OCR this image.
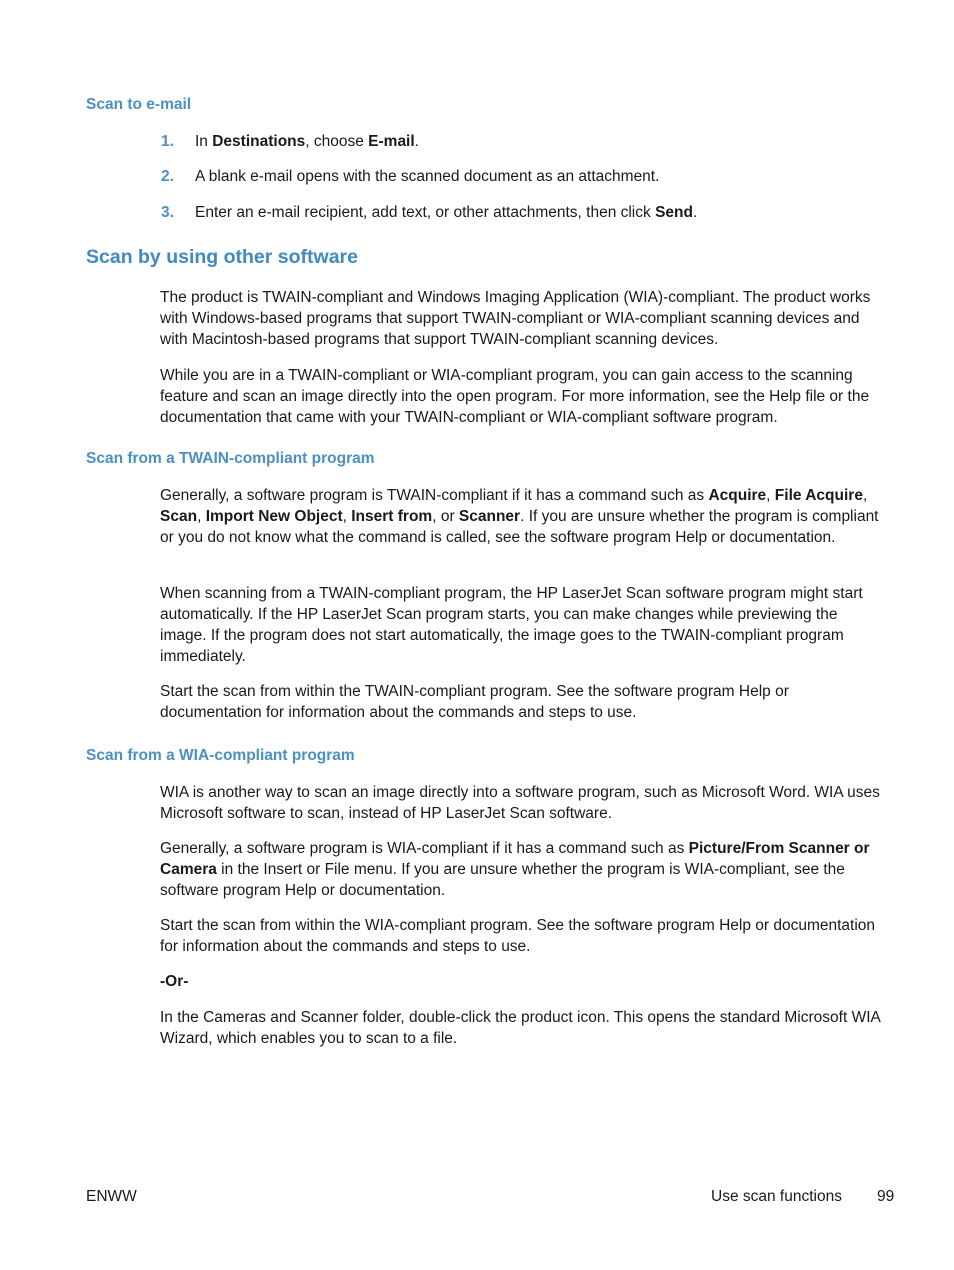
Scan to e-mail
1. In Destinations, choose E-mail.
2. A blank e-mail opens with the scanned document as an attachment.
3. Enter an e-mail recipient, add text, or other attachments, then click Send.
Scan by using other software

The product is TWAIN-compliant and Windows Imaging Application (WIA)-compliant. The product works with Windows-based programs that support TWAIN-compliant or WIA-compliant scanning devices and with Macintosh-based programs that support TWAIN-compliant scanning devices.

While you are in a TWAIN-compliant or WIA-compliant program, you can gain access to the scanning feature and scan an image directly into the open program. For more information, see the Help file or the documentation that came with your TWAIN-compliant or WIA-compliant software program.

Scan from a TWAIN-compliant program

Generally, a software program is TWAIN-compliant if it has a command such as Acquire, File Acquire, Scan, Import New Object, Insert from, or Scanner. If you are unsure whether the program is compliant or you do not know what the command is called, see the software program Help or documentation.

When scanning from a TWAIN-compliant program, the HP LaserJet Scan software program might start automatically. If the HP LaserJet Scan program starts, you can make changes while previewing the image. If the program does not start automatically, the image goes to the TWAIN-compliant program immediately.

Start the scan from within the TWAIN-compliant program. See the software program Help or documentation for information about the commands and steps to use.

Scan from a WIA-compliant program

WIA is another way to scan an image directly into a software program, such as Microsoft Word. WIA uses Microsoft software to scan, instead of HP LaserJet Scan software.

Generally, a software program is WIA-compliant if it has a command such as Picture/From Scanner or Camera in the Insert or File menu. If you are unsure whether the program is WIA-compliant, see the software program Help or documentation.

Start the scan from within the WIA-compliant program. See the software program Help or documentation for information about the commands and steps to use.

-Or-

In the Cameras and Scanner folder, double-click the product icon. This opens the standard Microsoft WIA Wizard, which enables you to scan to a file.

ENWW	Use scan functions 99
